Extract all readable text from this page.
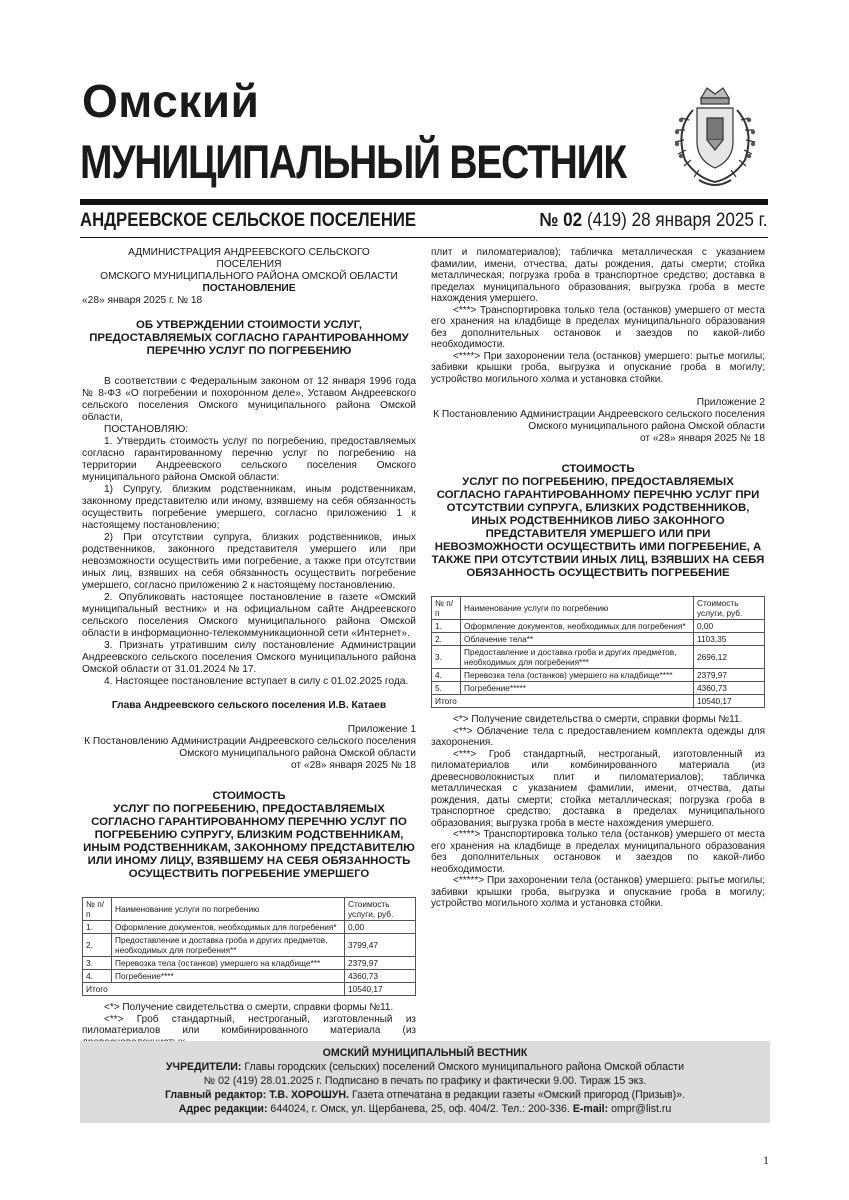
Омский
МУНИЦИПАЛЬНЫЙ ВЕСТНИК
АНДРЕЕВСКОЕ СЕЛЬСКОЕ ПОСЕЛЕНИЕ	№ 02 (419) 28 января 2025 г.

АДМИНИСТРАЦИЯ АНДРЕЕВСКОГО СЕЛЬСКОГО

ПОСЕЛЕНИЯ

ОМСКОГО МУНИЦИПАЛЬНОГО РАЙОНА ОМСКОЙ ОБЛАСТИ

ПОСТАНОВЛЕНИЕ

«28» января 2025 г. № 18

ОБ УТВЕРЖДЕНИИ СТОИМОСТИ УСЛУГ, ПРЕДОСТАВЛЯЕМЫХ СОГЛАСНО ГАРАНТИРОВАННОМУ ПЕРЕЧНЮ УСЛУГ ПО ПОГРЕБЕНИЮ

В соответствии с Федеральным законом от 12 января 1996 года № 8-ФЗ «О погребении и похоронном деле», Уставом Андреевского сельского поселения Омского муниципального района Омской области,

ПОСТАНОВЛЯЮ:

1. Утвердить стоимость услуг по погребению, предоставляемых согласно гарантированному перечню услуг по погребению на территории Андреевского сельского поселения Омского муниципального района Омской области:

1) Супругу, близким родственникам, иным родственникам, законному представителю или иному, взявшему на себя обязанность осуществить погребение умершего, согласно приложению 1 к настоящему постановлению;

2) При отсутствии супруга, близких родственников, иных родственников, законного представителя умершего или при невозможности осуществить ими погребение, а также при отсутствии иных лиц, взявших на себя обязанность осуществить погребение умершего, согласно приложению 2 к настоящему постановлению.

2. Опубликовать настоящее постановление в газете «Омский муниципальный вестник» и на официальном сайте Андреевского сельского поселения Омского муниципального района Омской области в информационно-телекоммуникационной сети «Интернет».

3. Признать утратившим силу постановление Администрации Андреевского сельского поселения Омского муниципального района Омской области от 31.01.2024 № 17.

4. Настоящее постановление вступает в силу с 01.02.2025 года.

Глава Андреевского сельского поселения И.В. Катаев

Приложение 1

К Постановлению Администрации Андреевского сельского поселения Омского муниципального района Омской области

от «28» января 2025 № 18

СТОИМОСТЬ

УСЛУГ ПО ПОГРЕБЕНИЮ, ПРЕДОСТАВЛЯЕМЫХ СОГЛАСНО ГАРАНТИРОВАННОМУ ПЕРЕЧНЮ УСЛУГ ПО ПОГРЕБЕНИЮ СУПРУГУ, БЛИЗКИМ РОДСТВЕННИКАМ, ИНЫМ РОДСТВЕННИКАМ, ЗАКОННОМУ ПРЕДСТАВИТЕЛЮ ИЛИ ИНОМУ ЛИЦУ, ВЗЯВШЕМУ НА СЕБЯ ОБЯЗАННОСТЬ ОСУЩЕСТВИТЬ ПОГРЕБЕНИЕ УМЕРШЕГО

№ п/п	Наименование услуги по погребению	Стоимость услуги, руб.
1.	Оформление документов, необходимых для погребения*	0,00
2.	Предоставление и доставка гроба и других предметов, необходимых для погребения**	3799,47
3.	Перевозка тела (останков) умершего на кладбище***	2379,97
4.	Погребение****	4360,73
Итого		10540,17

<*> Получение свидетельства о смерти, справки формы №11.

<**> Гроб стандартный, нестроганый, изготовленный из пиломатериалов или комбинированного материала (из

плит и пиломатериалов); табличка металлическая с указанием фамилии, имени, отчества, даты рождения, даты смерти; стойка металлическая; погрузка гроба в транспортное средство; доставка в пределах муниципального образования; выгрузка гроба в месте нахождения умершего.

<***> Транспортировка только тела (останков) умершего от места его хранения на кладбище в пределах муниципального образования без дополнительных остановок и заездов по какой-либо необходимости.

<****> При захоронении тела (останков) умершего: рытье могилы; забивки крышки гроба, выгрузка и опускание гроба в могилу; устройство могильного холма и установка стойки.

Приложение 2

К Постановлению Администрации Андреевского сельского поселения Омского муниципального района Омской области

от «28» января 2025 № 18

СТОИМОСТЬ

УСЛУГ ПО ПОГРЕБЕНИЮ, ПРЕДОСТАВЛЯЕМЫХ СОГЛАСНО ГАРАНТИРОВАННОМУ ПЕРЕЧНЮ УСЛУГ ПРИ ОТСУТСТВИИ СУПРУГА, БЛИЗКИХ РОДСТВЕННИКОВ, ИНЫХ РОДСТВЕННИКОВ ЛИБО ЗАКОННОГО ПРЕДСТАВИТЕЛЯ УМЕРШЕГО ИЛИ ПРИ НЕВОЗМОЖНОСТИ ОСУЩЕСТВИТЬ ИМИ ПОГРЕБЕНИЕ, А ТАКЖЕ ПРИ ОТСУТСТВИИ ИНЫХ ЛИЦ, ВЗЯВШИХ НА СЕБЯ ОБЯЗАННОСТЬ ОСУЩЕСТВИТЬ ПОГРЕБЕНИЕ

№ п/п	Наименование услуги по погребению	Стоимость услуги, руб.
1.	Оформление документов, необходимых для погребения*	0,00
2.	Облачение тела**	1103,35
3.	Предоставление и доставка гроба и других предметов, необходимых для погребения***	2696,12
4.	Перевозка тела (останков) умершего на кладбище****	2379,97
5.	Погребение*****	4360,73
Итого		10540,17

<*> Получение свидетельства о смерти, справки формы №11.

<**> Облачение тела с предоставлением комплекта одежды для захоронения.

<***> Гроб стандартный, нестроганый, изготовленный из пиломатериалов или комбинированного материала (из древесноволокнистых плит и пиломатериалов); табличка металлическая с указанием фамилии, имени, отчества, даты рождения, даты смерти; стойка металлическая; погрузка гроба в транспортное средство; доставка в пределах муниципального образования; выгрузка гроба в месте нахождения умершего.

<****> Транспортировка только тела (останков) умершего от места его хранения на кладбище в пределах муниципального образования без дополнительных остановок и заездов по какой-либо необходимости.

<*****> При захоронении тела (останков) умершего: рытье могилы; забивки крышки гроба, выгрузка и опускание гроба в могилу; устройство могильного холма и установка стойки.

ОМСКИЙ МУНИЦИПАЛЬНЫЙ ВЕСТНИК
УЧРЕДИТЕЛИ: Главы городских (сельских) поселений Омского муниципального района Омской области
№ 02 (419) 28.01.2025 г. Подписано в печать по графику и фактически 9.00. Тираж 15 экз.
Главный редактор: Т.В. ХОРОШУН. Газета отпечатана в редакции газеты «Омский пригород (Призыв)».
Адрес редакции: 644024, г. Омск, ул. Щербанева, 25, оф. 404/2. Тел.: 200-336. E-mail: ompr@list.ru
1
